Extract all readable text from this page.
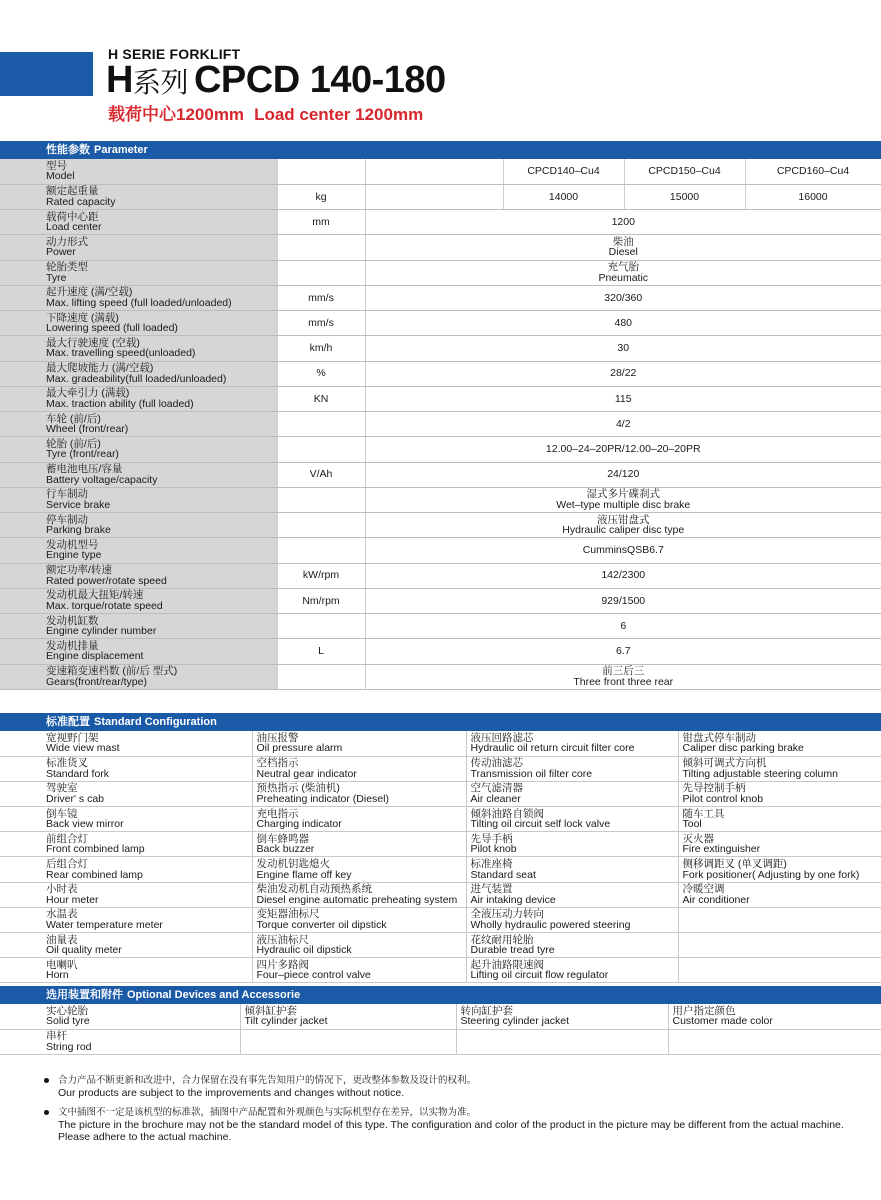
H SERIE FORKLIFT
H系列 CPCD 140-180
载荷中心1200mm Load center 1200mm
性能参数 Parameter
型号
Model			CPCD140–Cu4	CPCD150–Cu4	CPCD160–Cu4	

额定起重量
Rated capacity	kg		14000	15000	16000	

载荷中心距
Load center	mm	1200				

动力形式
Power		柴油
Diesel				

轮胎类型
Tyre		充气胎
Pneumatic				

起升速度 (满/空载)
Max. lifting speed (full loaded/unloaded)	mm/s	320/360				

下降速度 (满载)
Lowering speed (full loaded)	mm/s	480				

最大行驶速度 (空载)
Max. travelling speed(unloaded)	km/h	30				

最大爬坡能力 (满/空载)
Max. gradeability(full loaded/unloaded)	%	28/22				

最大牵引力 (满载)
Max. traction ability (full loaded)	KN	115				

车轮 (前/后)
Wheel (front/rear)		4/2				

轮胎 (前/后)
Tyre (front/rear)		12.00–24–20PR/12.00–20–20PR				

蓄电池电压/容量
Battery voltage/capacity	V/Ah	24/120				

行车制动
Service brake		湿式多片碟刹式
Wet–type multiple disc brake				

停车制动
Parking brake		液压钳盘式
Hydraulic caliper disc type				

发动机型号
Engine type		CumminsQSB6.7				

额定功率/转速
Rated power/rotate speed	kW/rpm	142/2300				

发动机最大扭矩/转速
Max. torque/rotate speed	Nm/rpm	929/1500				

发动机缸数
Engine cylinder number		6				

发动机排量
Engine displacement	L	6.7				

变速箱变速档数 (前/后 型式)
Gears(front/rear/type)		前三后三
Three front three rear				
标准配置 Standard Configuration
宽视野门架
Wide view mast	油压报警
Oil pressure alarm	液压回路滤芯
Hydraulic oil return circuit filter core	钳盘式停车制动
Caliper disc parking brake

标准货叉
Standard fork	空档指示
Neutral gear indicator	传动油滤芯
Transmission oil filter core	倾斜可调式方向机
Tilting adjustable steering column

驾驶室
Driver' s cab	预热指示 (柴油机)
Preheating indicator (Diesel)	空气滤清器
Air cleaner	先导控制手柄
Pilot control knob

倒车镜
Back view mirror	充电指示
Charging indicator	倾斜油路自锁阀
Tilting oil circuit self lock valve	随车工具
Tool

前组合灯
Front combined lamp	倒车蜂鸣器
Back buzzer	先导手柄
Pilot knob	灭火器
Fire extinguisher

后组合灯
Rear combined lamp	发动机钥匙熄火
Engine flame off key	标准座椅
Standard seat	侧移调距叉 (单叉调距)
Fork positioner( Adjusting by one fork)

小时表
Hour meter	柴油发动机自动预热系统
Diesel engine automatic preheating system	进气装置
Air intaking device	冷暖空调
Air conditioner

水温表
Water temperature meter	变矩器油标尺
Torque converter oil dipstick	全液压动力转向
Wholly hydraulic powered steering	

油量表
Oil quality meter	液压油标尺
Hydraulic oil dipstick	花纹耐用轮胎
Durable tread tyre	

电喇叭
Horn	四片多路阀
Four–piece control valve	起升油路限速阀
Lifting oil circuit flow regulator	

选用装置和附件 Optional Devices and Accessorie
实心轮胎
Solid tyre	倾斜缸护套
Tilt cylinder jacket	转向缸护套
Steering cylinder jacket	用户指定颜色
Customer made color

串杆
String rod			

合力产品不断更新和改进中，合力保留在没有事先告知用户的情况下，更改整体参数及设计的权利。
Our products are subject to the improvements and changes without notice.
文中插图不一定是该机型的标准款，插图中产品配置和外观颜色与实际机型存在差异，以实物为准。
The picture in the brochure may not be the standard model of this type. The configuration and color of the product in the picture may be different from the actual machine. Please adhere to the actual machine.
